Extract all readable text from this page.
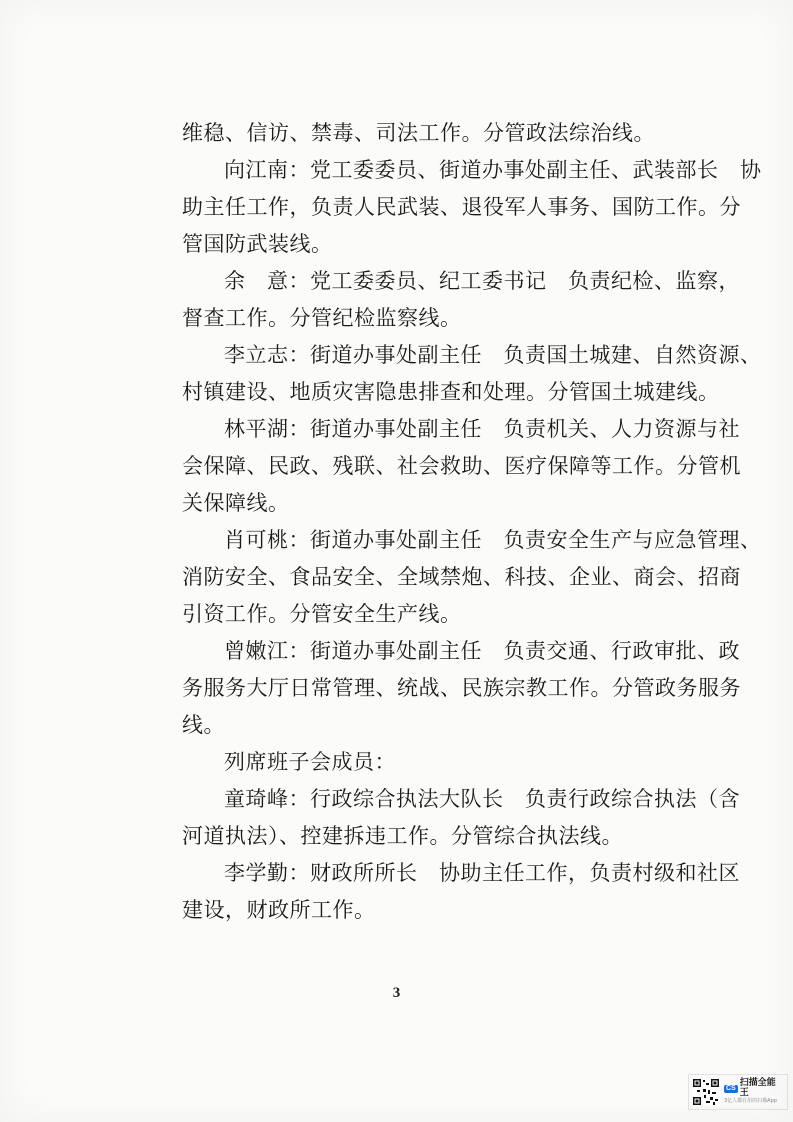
维稳、信访、禁毒、司法工作。分管政法综治线。
向江南：党工委委员、街道办事处副主任、武装部长　协
助主任工作，负责人民武装、退役军人事务、国防工作。分
管国防武装线。
余　意：党工委委员、纪工委书记　负责纪检、监察，
督查工作。分管纪检监察线。
李立志：街道办事处副主任　负责国土城建、自然资源、
村镇建设、地质灾害隐患排查和处理。分管国土城建线。
林平湖：街道办事处副主任　负责机关、人力资源与社
会保障、民政、残联、社会救助、医疗保障等工作。分管机
关保障线。
肖可桃：街道办事处副主任　负责安全生产与应急管理、
消防安全、食品安全、全域禁炮、科技、企业、商会、招商
引资工作。分管安全生产线。
曾嫩江：街道办事处副主任　负责交通、行政审批、政
务服务大厅日常管理、统战、民族宗教工作。分管政务服务
线。
列席班子会成员：
童琦峰：行政综合执法大队长　负责行政综合执法（含
河道执法）、控建拆违工作。分管综合执法线。
李学勤：财政所所长　协助主任工作，负责村级和社区
建设，财政所工作。
3
CS
扫描全能王
3亿人都在用的扫描App
